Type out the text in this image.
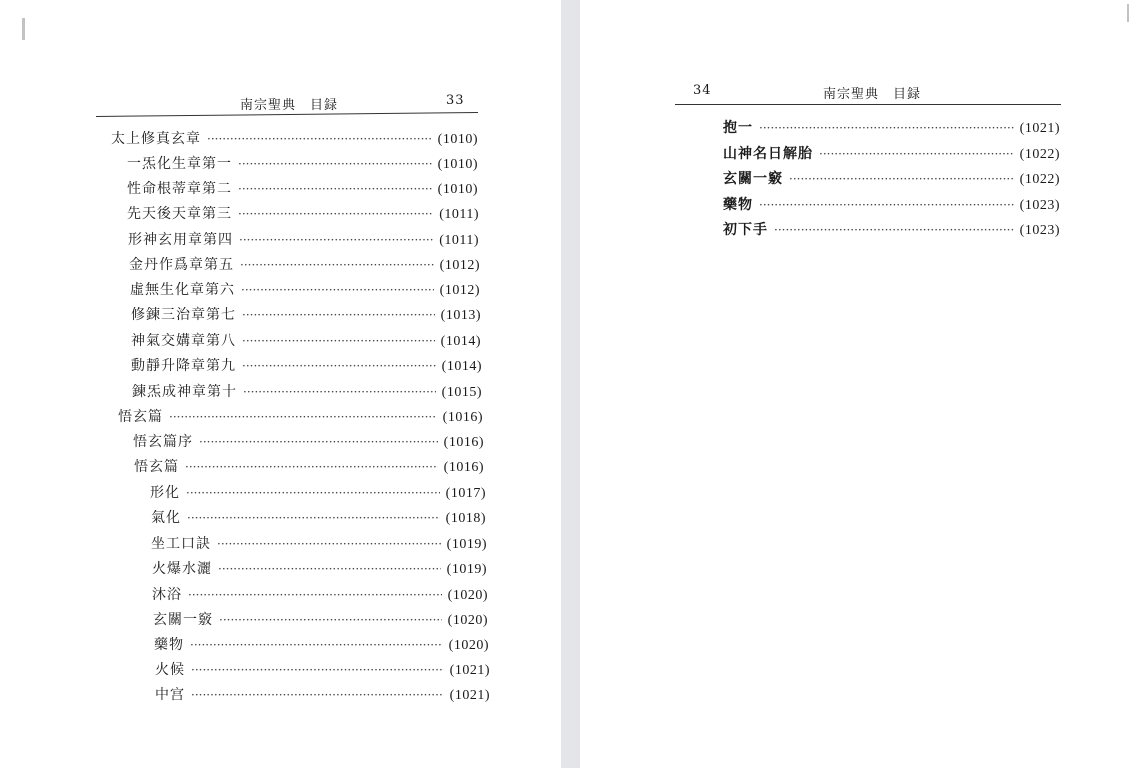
南宗聖典　目録	33
太上修真玄章 ·····	(1010)
一炁化生章第一 ·····	(1010)
性命根蒂章第二 ·····	(1010)
先天後天章第三 ·····	(1011)
形神玄用章第四 ·····	(1011)
金丹作爲章第五 ·····	(1012)
虛無生化章第六 ·····	(1012)
修鍊三治章第七 ·····	(1013)
神氣交媾章第八 ·····	(1014)
動靜升降章第九 ·····	(1014)
鍊炁成神章第十 ·····	(1015)
悟玄篇 ·····	(1016)
悟玄篇序 ·····	(1016)
悟玄篇 ·····	(1016)
形化 ·····	(1017)
氣化 ·····	(1018)
坐工口訣 ·····	(1019)
火爆水灑 ·····	(1019)
沐浴 ·····	(1020)
玄關一竅 ·····	(1020)
藥物 ·····	(1020)
火候 ·····	(1021)
中宫 ·····	(1021)
34	南宗聖典　目録
抱一 ·····	(1021)
山神名日解胎 ·····	(1022)
玄關一竅 ·····	(1022)
藥物 ·····	(1023)
初下手 ·····	(1023)
